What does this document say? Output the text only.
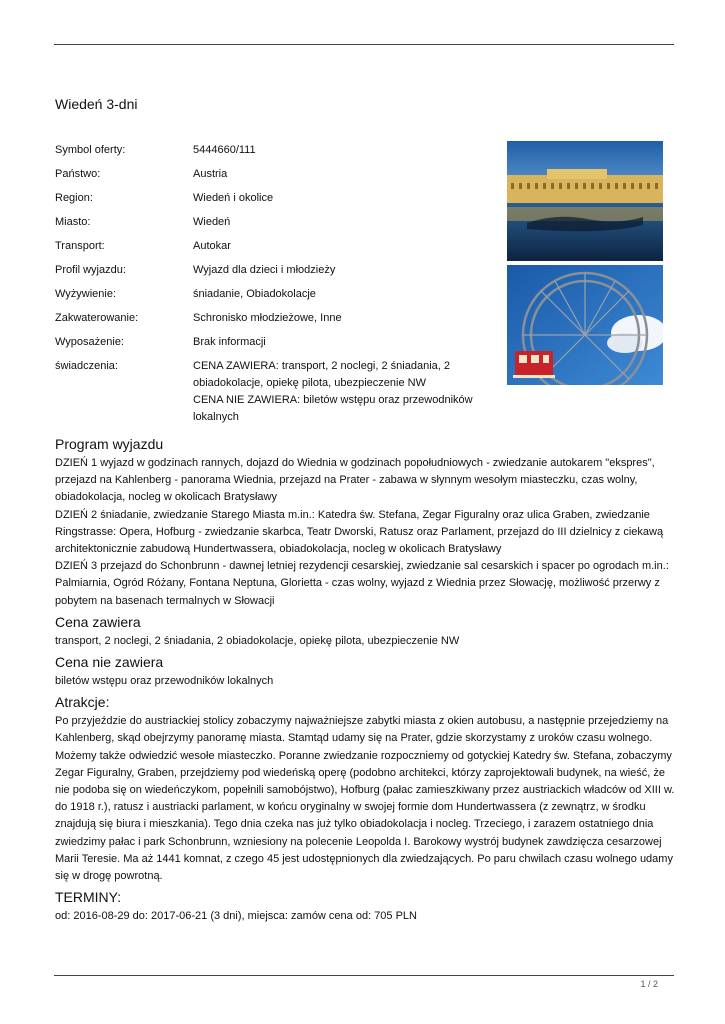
Wiedeń 3-dni
Symbol oferty:	5444660/111
Państwo:	Austria
Region:	Wiedeń i okolice
Miasto:	Wiedeń
Transport:	Autokar
Profil wyjazdu:	Wyjazd dla dzieci i młodzieży
Wyżywienie:	śniadanie, Obiadokolacje
Zakwaterowanie:	Schronisko młodzieżowe, Inne
Wyposażenie:	Brak informacji
świadczenia:	CENA ZAWIERA: transport, 2 noclegi, 2 śniadania, 2 obiadokolacje, opiekę pilota, ubezpieczenie NW
CENA NIE ZAWIERA: biletów wstępu oraz przewodników lokalnych
Program wyjazdu

DZIEŃ 1 wyjazd w godzinach rannych, dojazd do Wiednia w godzinach popołudniowych - zwiedzanie autokarem "ekspres", przejazd na Kahlenberg - panorama Wiednia, przejazd na Prater - zabawa w słynnym wesołym miasteczku, czas wolny, obiadokolacja, nocleg w okolicach Bratysławy

DZIEŃ 2 śniadanie, zwiedzanie Starego Miasta m.in.: Katedra św. Stefana, Zegar Figuralny oraz ulica Graben, zwiedzanie Ringstrasse: Opera, Hofburg - zwiedzanie skarbca, Teatr Dworski, Ratusz oraz Parlament, przejazd do III dzielnicy z ciekawą architektonicznie zabudową Hundertwassera, obiadokolacja, nocleg w okolicach Bratysławy

DZIEŃ 3 przejazd do Schonbrunn - dawnej letniej rezydencji cesarskiej, zwiedzanie sal cesarskich i spacer po ogrodach m.in.: Palmiarnia, Ogród Różany, Fontana Neptuna, Glorietta - czas wolny, wyjazd z Wiednia przez Słowację, możliwość przerwy z pobytem na basenach termalnych w Słowacji

Cena zawiera

transport, 2 noclegi, 2 śniadania, 2 obiadokolacje, opiekę pilota, ubezpieczenie NW

Cena nie zawiera

biletów wstępu oraz przewodników lokalnych

Atrakcje:

Po przyjeździe do austriackiej stolicy zobaczymy najważniejsze zabytki miasta z okien autobusu, a następnie przejedziemy na Kahlenberg, skąd obejrzymy panoramę miasta. Stamtąd udamy się na Prater, gdzie skorzystamy z uroków czasu wolnego. Możemy także odwiedzić wesołe miasteczko. Poranne zwiedzanie rozpoczniemy od gotyckiej Katedry św. Stefana, zobaczymy Zegar Figuralny, Graben, przejdziemy pod wiedeńską operę (podobno architekci, którzy zaprojektowali budynek, na wieść, że nie podoba się on wiedeńczykom, popełnili samobójstwo), Hofburg (pałac zamieszkiwany przez austriackich władców od XIII w. do 1918 r.), ratusz i austriacki parlament, w końcu oryginalny w swojej formie dom Hundertwassera (z zewnątrz, w środku znajdują się biura i mieszkania). Tego dnia czeka nas już tylko obiadokolacja i nocleg. Trzeciego, i zarazem ostatniego dnia zwiedzimy pałac i park Schonbrunn, wzniesiony na polecenie Leopolda I. Barokowy wystrój budynek zawdzięcza cesarzowej Marii Teresie. Ma aż 1441 komnat, z czego 45 jest udostępnionych dla zwiedzających. Po paru chwilach czasu wolnego udamy się w drogę powrotną.

TERMINY:

od: 2016-08-29 do: 2017-06-21 (3 dni), miejsca: zamów cena od: 705 PLN

1 / 2
